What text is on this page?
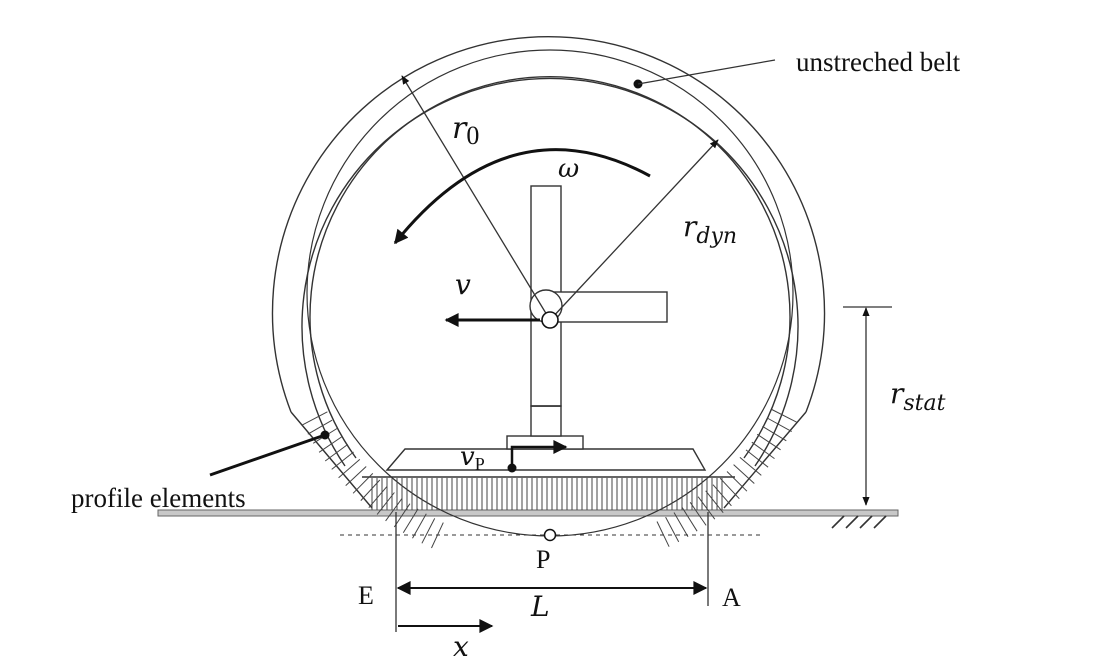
r0
ω
$r_{dyn}$
v
$r_{stat}$
vP
unstreched belt
profile elements
P
E	A
L
x
